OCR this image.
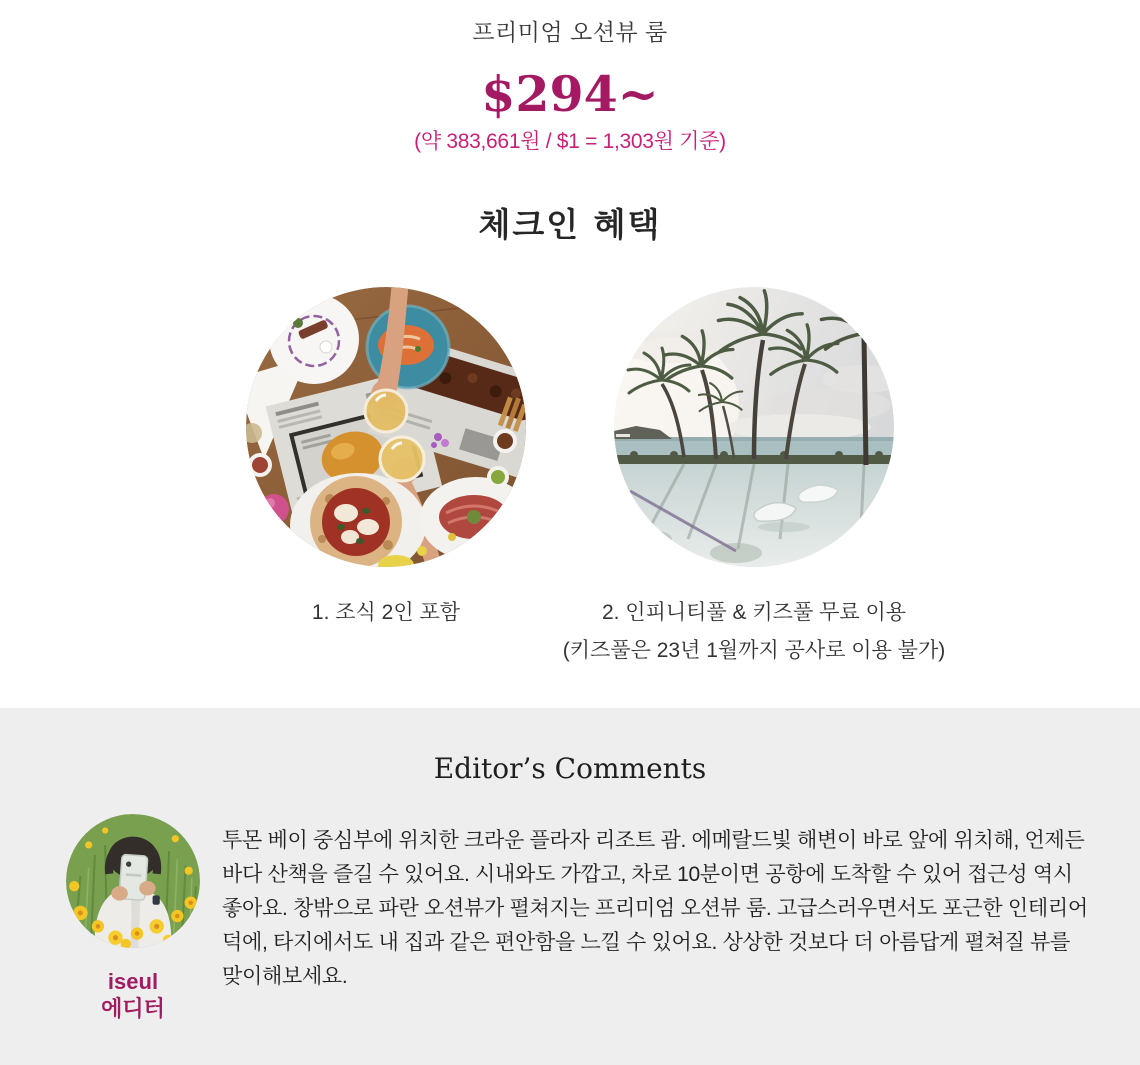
프리미엄 오션뷰 룸
$294~
(약 383,661원 / $1 = 1,303원 기준)
체크인 혜택
1. 조식 2인 포함	2. 인피니티풀 & 키즈풀 무료 이용
(키즈풀은 23년 1월까지 공사로 이용 불가)
Editor’s Comments
iseul
에디터
투몬 베이 중심부에 위치한 크라운 플라자 리조트 괌. 에메랄드빛 해변이 바로 앞에 위치해, 언제든
바다 산책을 즐길 수 있어요. 시내와도 가깝고, 차로 10분이면 공항에 도착할 수 있어 접근성 역시
좋아요. 창밖으로 파란 오션뷰가 펼쳐지는 프리미엄 오션뷰 룸. 고급스러우면서도 포근한 인테리어
덕에, 타지에서도 내 집과 같은 편안함을 느낄 수 있어요. 상상한 것보다 더 아름답게 펼쳐질 뷰를
맞이해보세요.
